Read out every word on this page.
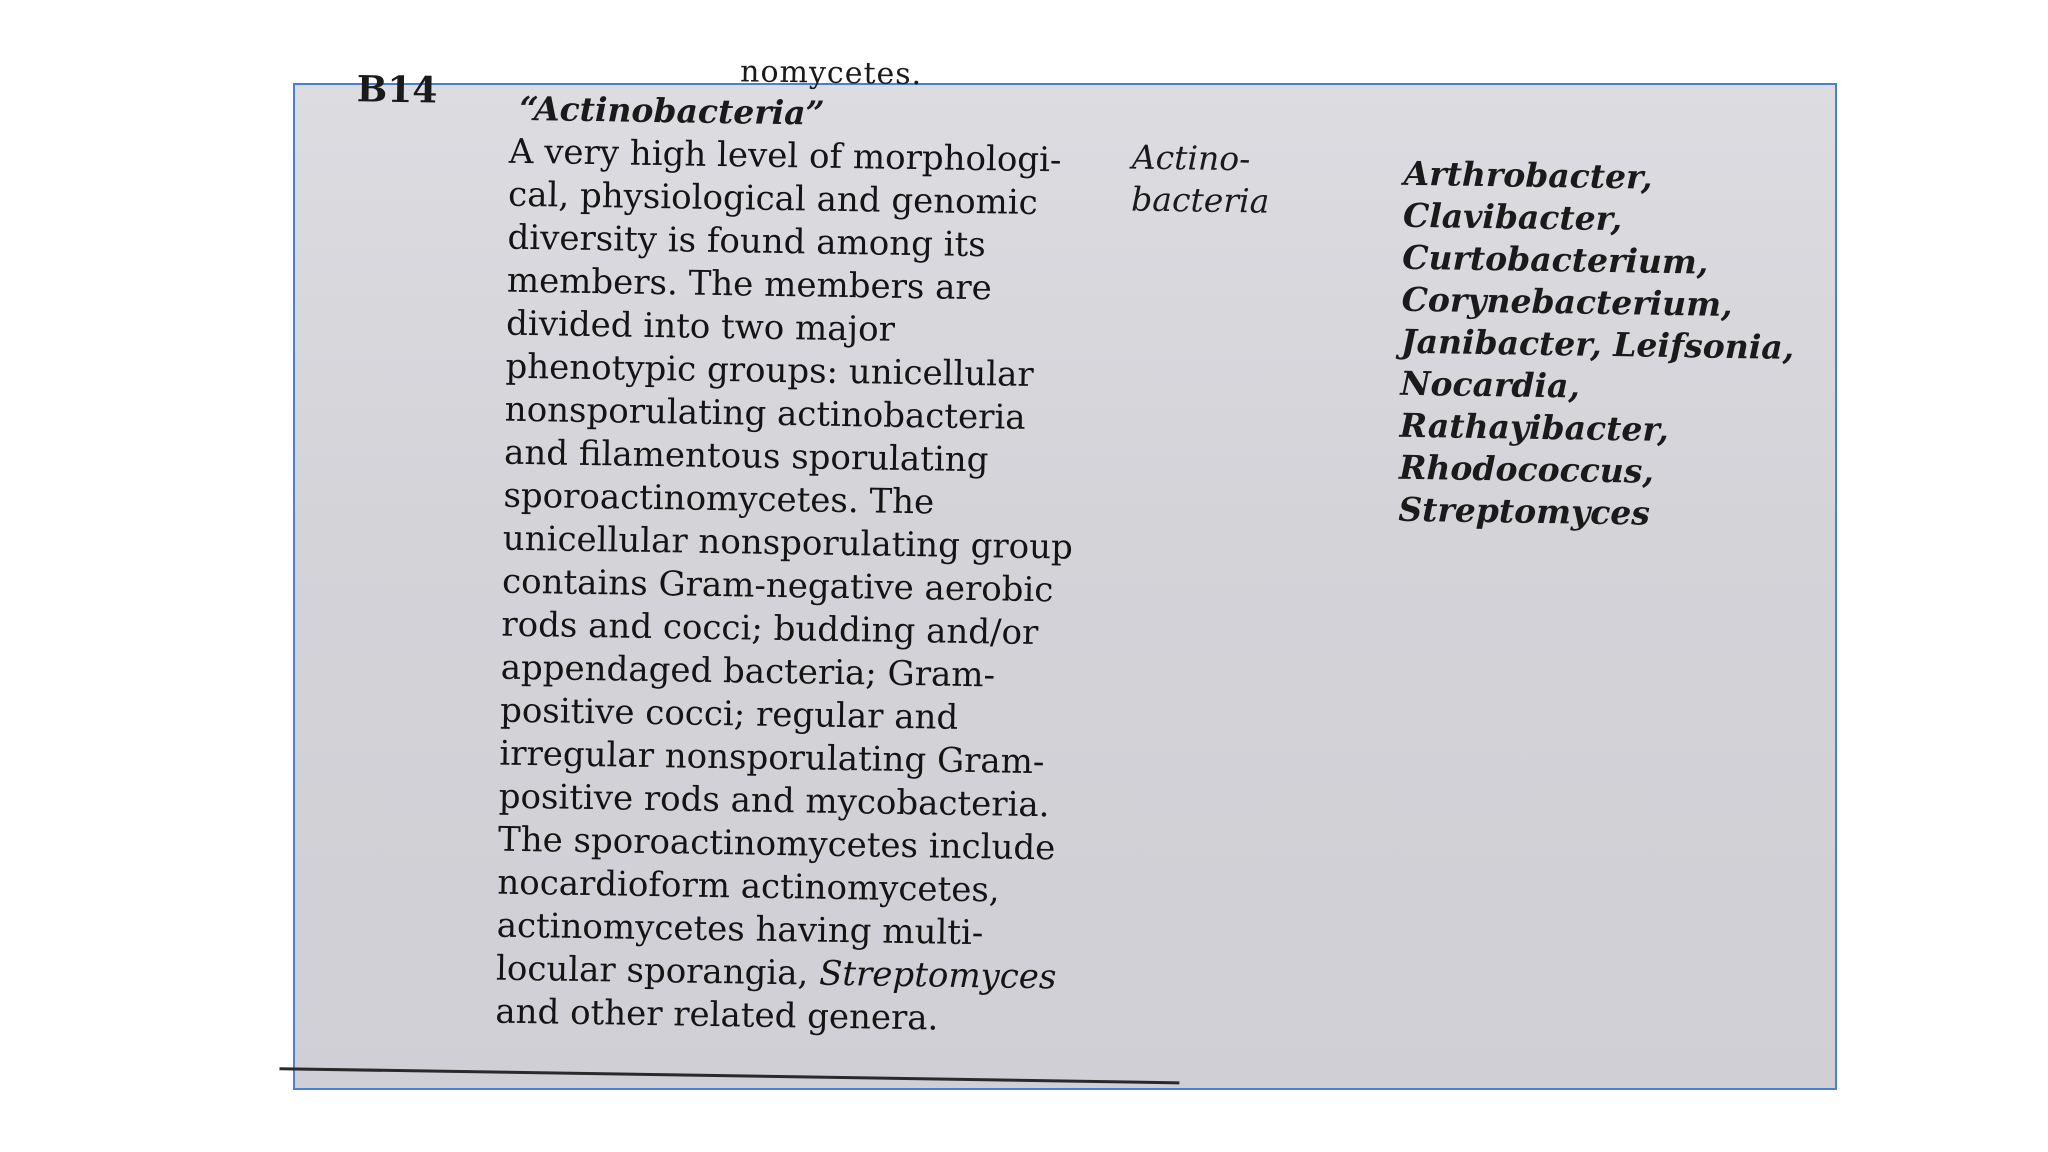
nomycetes.
B14 “Actinobacteria”

A very high level of morphologi-
cal, physiological and genomic
diversity is found among its
members. The members are
divided into two major
phenotypic groups: unicellular
nonsporulating actinobacteria
and filamentous sporulating
sporoactinomycetes. The
unicellular nonsporulating group
contains Gram-negative aerobic
rods and cocci; budding and/or
appendaged bacteria; Gram-
positive cocci; regular and
irregular nonsporulating Gram-
positive rods and mycobacteria.
The sporoactinomycetes include
nocardioform actinomycetes,
actinomycetes having multi-
locular sporangia, Streptomyces
and other related genera.

Actino-
bacteria
Arthrobacter,
Clavibacter,
Curtobacterium,
Corynebacterium,
Janibacter, Leifsonia,
Nocardia,
Rathayibacter,
Rhodococcus,
Streptomyces
